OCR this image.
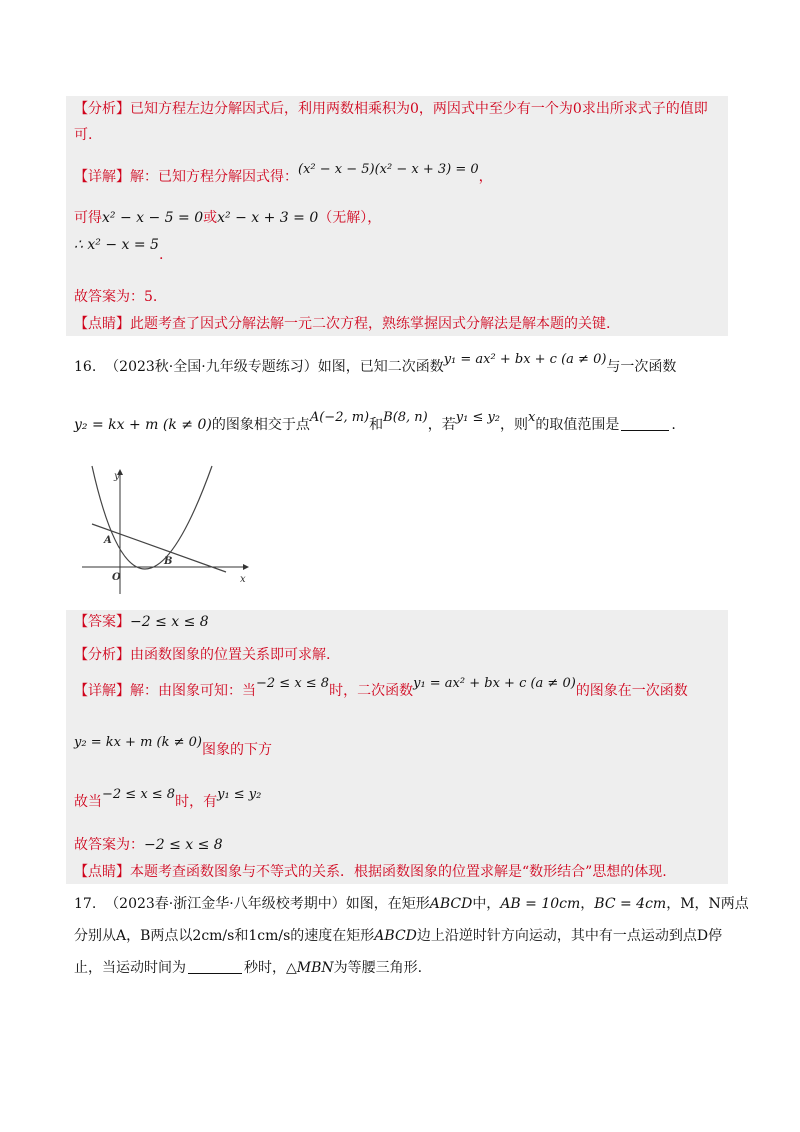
【分析】已知方程左边分解因式后，利用两数相乘积为0，两因式中至少有一个为0求出所求式子的值即
可.
【详解】解：已知方程分解因式得：(x² − x − 5)(x² − x + 3) = 0，
可得x² − x − 5 = 0或x² − x + 3 = 0（无解），
∴ x² − x = 5.
故答案为：5.
【点睛】此题考查了因式分解法解一元二次方程，熟练掌握因式分解法是解本题的关键.
16. （2023秋·全国·九年级专题练习）如图，已知二次函数y₁ = ax² + bx + c (a ≠ 0)与一次函数
y₂ = kx + m (k ≠ 0)的图象相交于点A(−2, m)和B(8, n)，若y₁ ≤ y₂，则x的取值范围是	.
y
x
A
B
O
【答案】−2 ≤ x ≤ 8
【分析】由函数图象的位置关系即可求解.
【详解】解：由图象可知：当−2 ≤ x ≤ 8时，二次函数y₁ = ax² + bx + c (a ≠ 0)的图象在一次函数
y₂ = kx + m (k ≠ 0)图象的下方
故当−2 ≤ x ≤ 8时，有y₁ ≤ y₂
故答案为：−2 ≤ x ≤ 8
【点睛】本题考查函数图象与不等式的关系．根据函数图象的位置求解是“数形结合”思想的体现.
17. （2023春·浙江金华·八年级校考期中）如图，在矩形ABCD中，AB = 10cm，BC = 4cm，M，N两点
分别从A，B两点以2cm/s和1cm/s的速度在矩形ABCD边上沿逆时针方向运动，其中有一点运动到点D停
止，当运动时间为	秒时，△MBN为等腰三角形.
